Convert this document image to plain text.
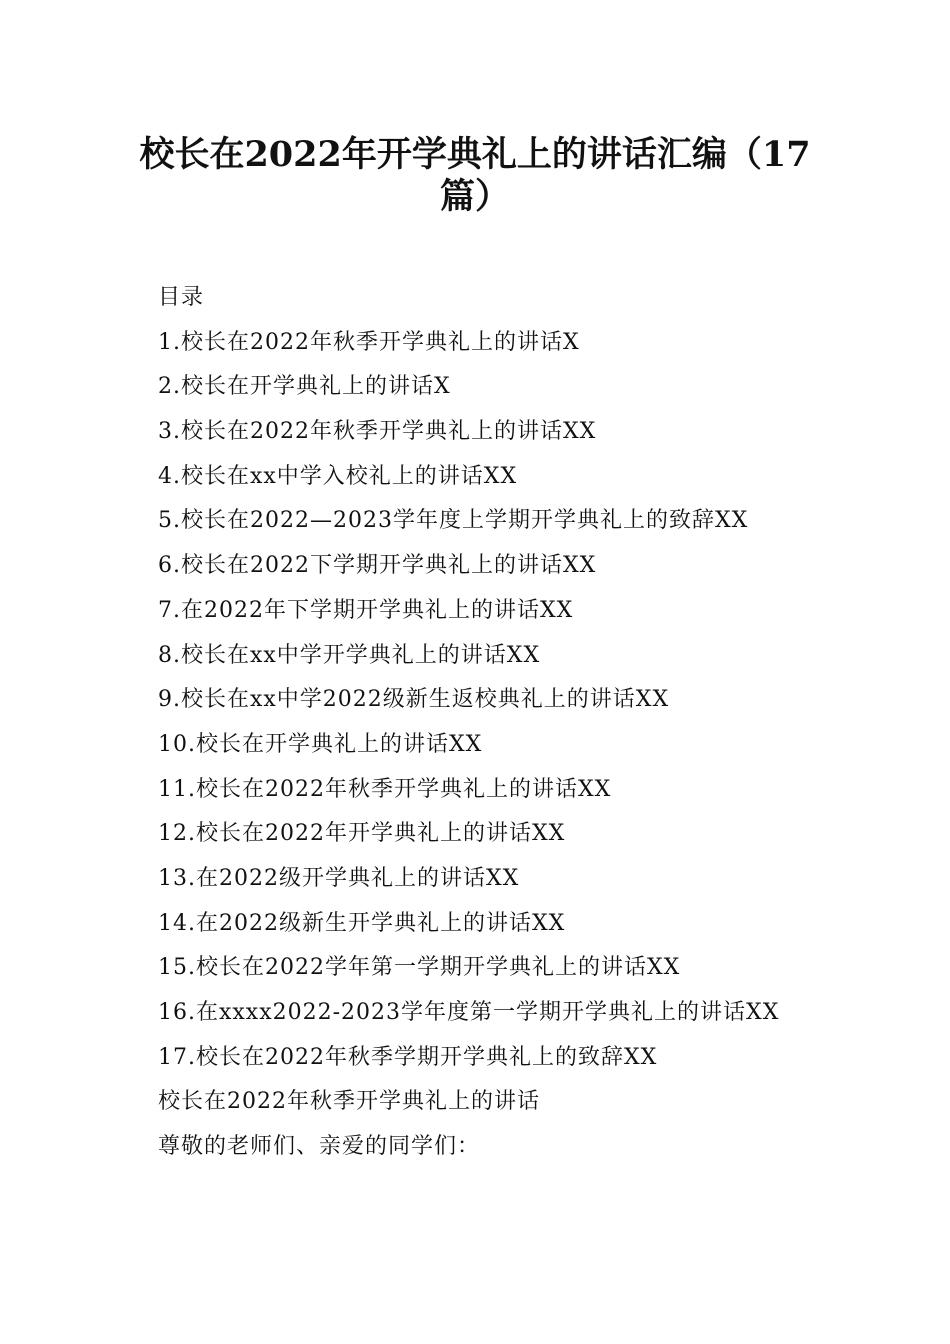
校长在2022年开学典礼上的讲话汇编（17
篇）
目录
1.校长在2022年秋季开学典礼上的讲话X
2.校长在开学典礼上的讲话X
3.校长在2022年秋季开学典礼上的讲话XX
4.校长在xx中学入校礼上的讲话XX
5.校长在2022—2023学年度上学期开学典礼上的致辞XX
6.校长在2022下学期开学典礼上的讲话XX
7.在2022年下学期开学典礼上的讲话XX
8.校长在xx中学开学典礼上的讲话XX
9.校长在xx中学2022级新生返校典礼上的讲话XX
10.校长在开学典礼上的讲话XX
11.校长在2022年秋季开学典礼上的讲话XX
12.校长在2022年开学典礼上的讲话XX
13.在2022级开学典礼上的讲话XX
14.在2022级新生开学典礼上的讲话XX
15.校长在2022学年第一学期开学典礼上的讲话XX
16.在xxxx2022-2023学年度第一学期开学典礼上的讲话XX
17.校长在2022年秋季学期开学典礼上的致辞XX
校长在2022年秋季开学典礼上的讲话
尊敬的老师们、亲爱的同学们：
